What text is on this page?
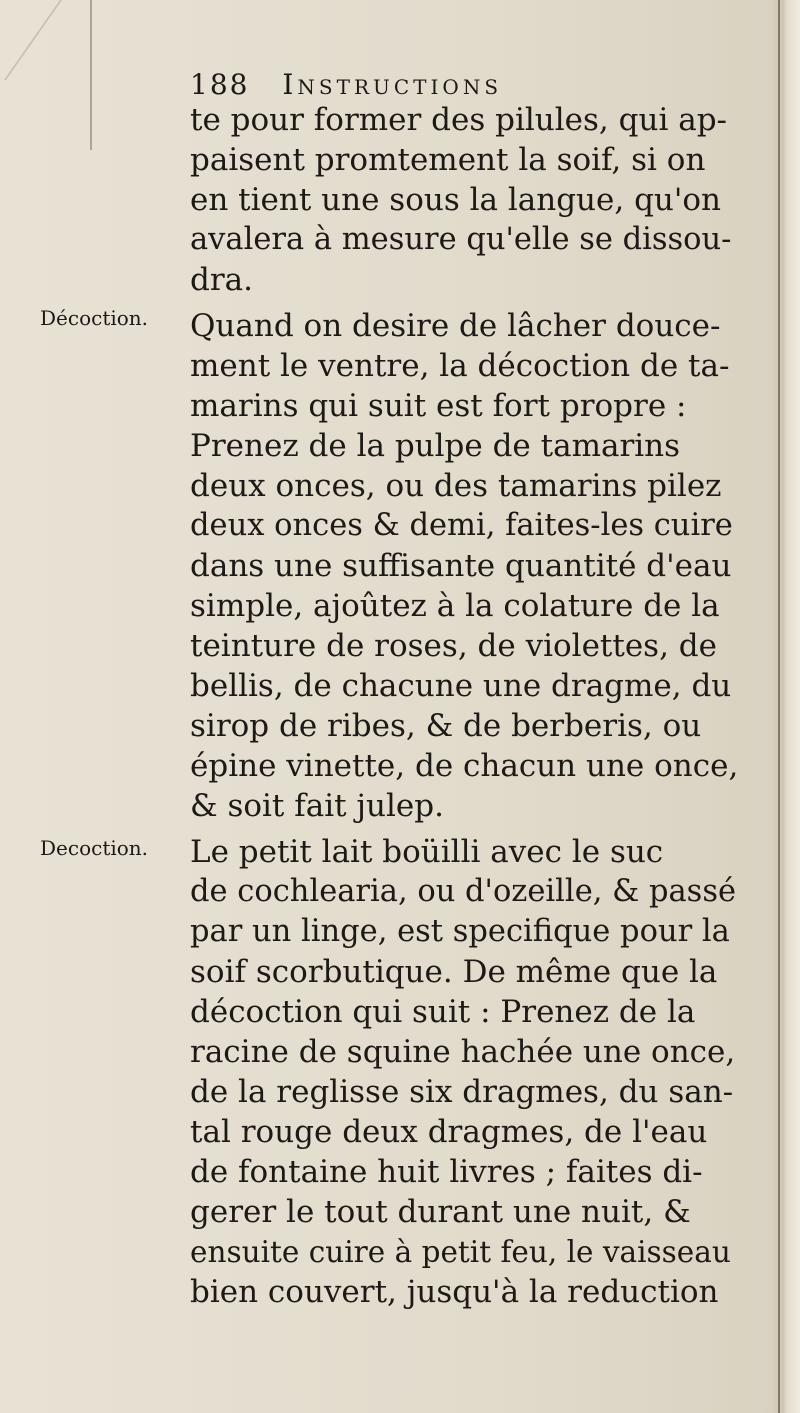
188 Instructions
Décoction.
Decoction.
te pour former des pilules, qui ap-
paisent promtement la soif, si on
en tient une sous la langue, qu'on
avalera à mesure qu'elle se dissou-
dra.
Quand on desire de lâcher douce-
ment le ventre, la décoction de ta-
marins qui suit est fort propre :
Prenez de la pulpe de tamarins
deux onces, ou des tamarins pilez
deux onces & demi, faites-les cuire
dans une suffisante quantité d'eau
simple, ajoûtez à la colature de la
teinture de roses, de violettes, de
bellis, de chacune une dragme, du
sirop de ribes, & de berberis, ou
épine vinette, de chacun une once,
& soit fait julep.
Le petit lait boüilli avec le suc
de cochlearia, ou d'ozeille, & passé
par un linge, est specifique pour la
soif scorbutique. De même que la
décoction qui suit : Prenez de la
racine de squine hachée une once,
de la reglisse six dragmes, du san-
tal rouge deux dragmes, de l'eau
de fontaine huit livres ; faites di-
gerer le tout durant une nuit, &
ensuite cuire à petit feu, le vaisseau
bien couvert, jusqu'à la reduction
